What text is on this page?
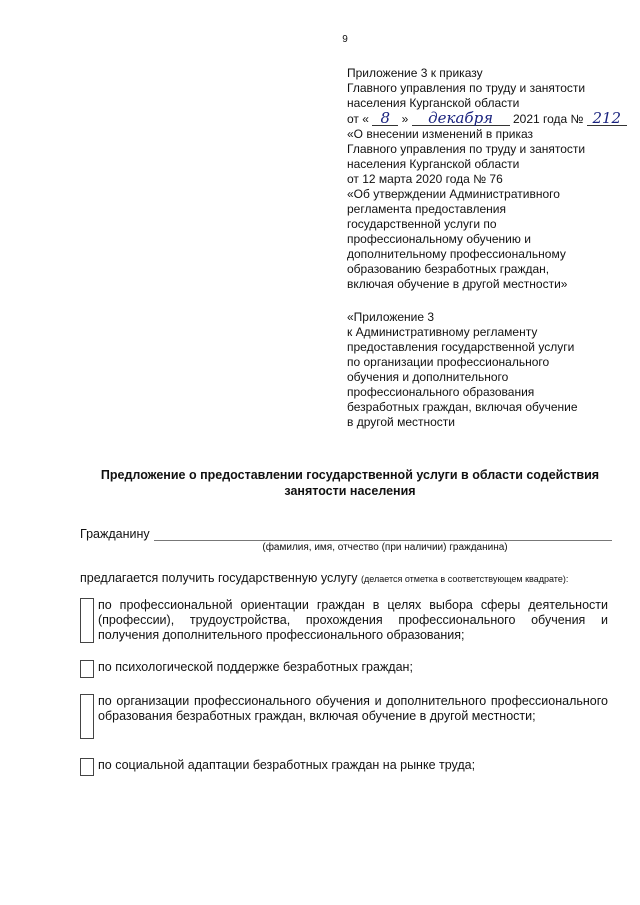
9
Приложение 3 к приказу
Главного управления по труду и занятости
населения Курганской области
от « 8 » декабря 2021 года № 212
«О внесении изменений в приказ
Главного управления по труду и занятости
населения Курганской области
от 12 марта 2020 года № 76
«Об утверждении Административного
регламента предоставления
государственной услуги по
профессиональному обучению и
дополнительному профессиональному
образованию безработных граждан,
включая обучение в другой местности»
«Приложение 3
к Административному регламенту
предоставления государственной услуги
по организации профессионального
обучения и дополнительного
профессионального образования
безработных граждан, включая обучение
в другой местности
Предложение о предоставлении государственной услуги в области содействия
занятости населения
Гражданину
(фамилия, имя, отчество (при наличии) гражданина)
предлагается получить государственную услугу (делается отметка в соответствующем квадрате):
по профессиональной ориентации граждан в целях выбора сферы деятельности (профессии), трудоустройства, прохождения профессионального обучения и получения дополнительного профессионального образования;
по психологической поддержке безработных граждан;
по организации профессионального обучения и дополнительного профессионального образования безработных граждан, включая обучение в другой местности;
по социальной адаптации безработных граждан на рынке труда;
